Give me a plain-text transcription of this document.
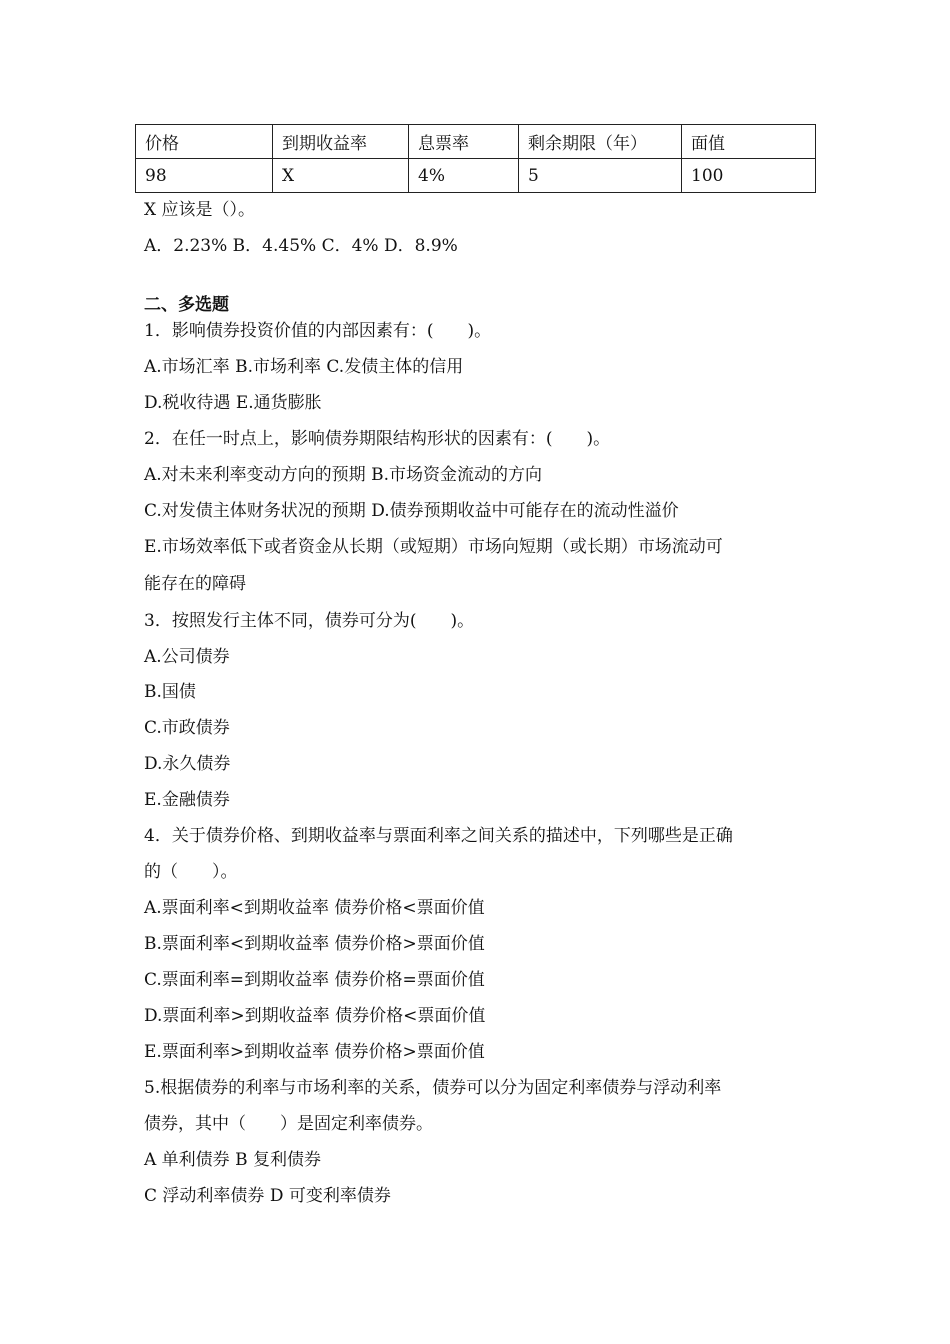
价格	到期收益率	息票率	剩余期限（年）	面值
98	X	4%	5	100
X 应该是（）。
A．2.23% B．4.45% C．4% D．8.9%
二、多选题
1．影响债券投资价值的内部因素有：(　　)。
A.市场汇率 B.市场利率 C.发债主体的信用
D.税收待遇 E.通货膨胀
2．在任一时点上，影响债券期限结构形状的因素有：(　　)。
A.对未来利率变动方向的预期 B.市场资金流动的方向
C.对发债主体财务状况的预期 D.债券预期收益中可能存在的流动性溢价
E.市场效率低下或者资金从长期（或短期）市场向短期（或长期）市场流动可
能存在的障碍
3．按照发行主体不同，债券可分为(　　)。
A.公司债券
B.国债
C.市政债券
D.永久债券
E.金融债券
4．关于债券价格、到期收益率与票面利率之间关系的描述中，下列哪些是正确
的（　　）。
A.票面利率<到期收益率 债券价格<票面价值
B.票面利率<到期收益率 债券价格>票面价值
C.票面利率=到期收益率 债券价格=票面价值
D.票面利率>到期收益率 债券价格<票面价值
E.票面利率>到期收益率 债券价格>票面价值
5.根据债券的利率与市场利率的关系，债券可以分为固定利率债券与浮动利率
债券，其中（　　）是固定利率债券。
A 单利债券 B 复利债券
C 浮动利率债券 D 可变利率债券
